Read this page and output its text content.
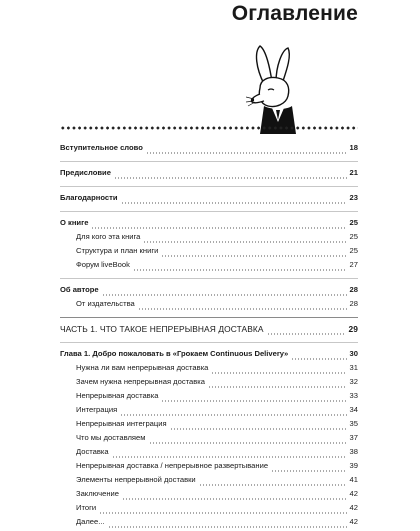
Оглавление
Вступительное слово	18
Предисловие	21
Благодарности	23
О книге	25
Для кого эта книга	25
Структура и план книги	25
Форум liveBook	27
Об авторе	28
От издательства	28
ЧАСТЬ 1. ЧТО ТАКОЕ НЕПРЕРЫВНАЯ ДОСТАВКА	29
Глава 1. Добро пожаловать в «Грокаем Continuous Delivery»	30
Нужна ли вам непрерывная доставка	31
Зачем нужна непрерывная доставка	32
Непрерывная доставка	33
Интеграция	34
Непрерывная интеграция	35
Что мы доставляем	37
Доставка	38
Непрерывная доставка / непрерывное развертывание	39
Элементы непрерывной доставки	41
Заключение	42
Итоги	42
Далее...	42
